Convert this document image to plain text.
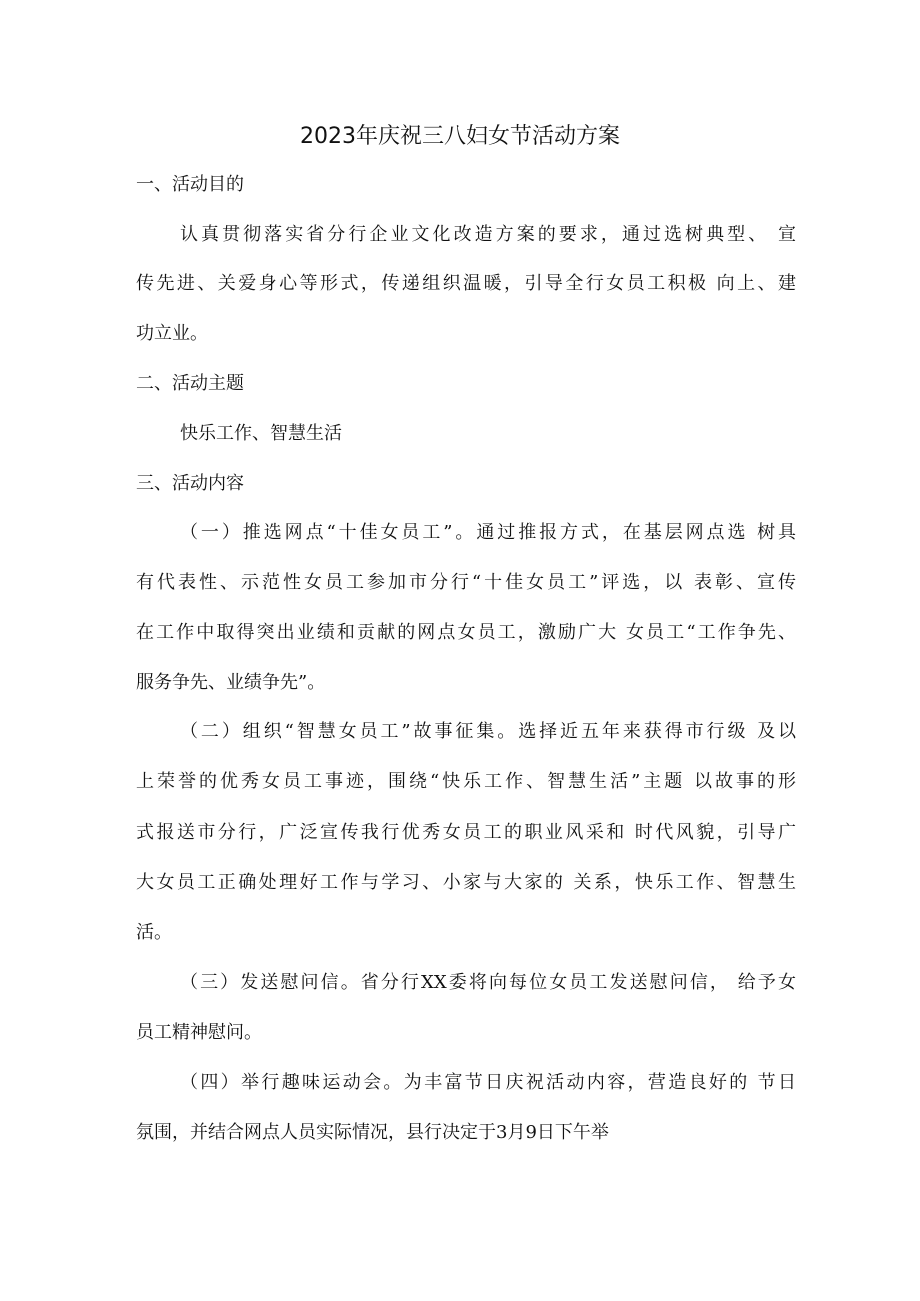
2023年庆祝三八妇女节活动方案
一、活动目的
认真贯彻落实省分行企业文化改造方案的要求，通过选树典型、 宣
传先进、关爱身心等形式，传递组织温暖，引导全行女员工积极 向上、建
功立业。
二、活动主题
快乐工作、智慧生活
三、活动内容
（一）推选网点“十佳女员工”。通过推报方式，在基层网点选 树具
有代表性、示范性女员工参加市分行“十佳女员工”评选，以 表彰、宣传
在工作中取得突出业绩和贡献的网点女员工，激励广大 女员工“工作争先、
服务争先、业绩争先”。
（二）组织“智慧女员工”故事征集。选择近五年来获得市行级 及以
上荣誉的优秀女员工事迹，围绕“快乐工作、智慧生活”主题 以故事的形
式报送市分行，广泛宣传我行优秀女员工的职业风采和 时代风貌，引导广
大女员工正确处理好工作与学习、小家与大家的 关系，快乐工作、智慧生
活。
（三）发送慰问信。省分行XX委将向每位女员工发送慰问信， 给予女
员工精神慰问。
（四）举行趣味运动会。为丰富节日庆祝活动内容，营造良好的 节日
氛围，并结合网点人员实际情况，县行决定于3月9日下午举
